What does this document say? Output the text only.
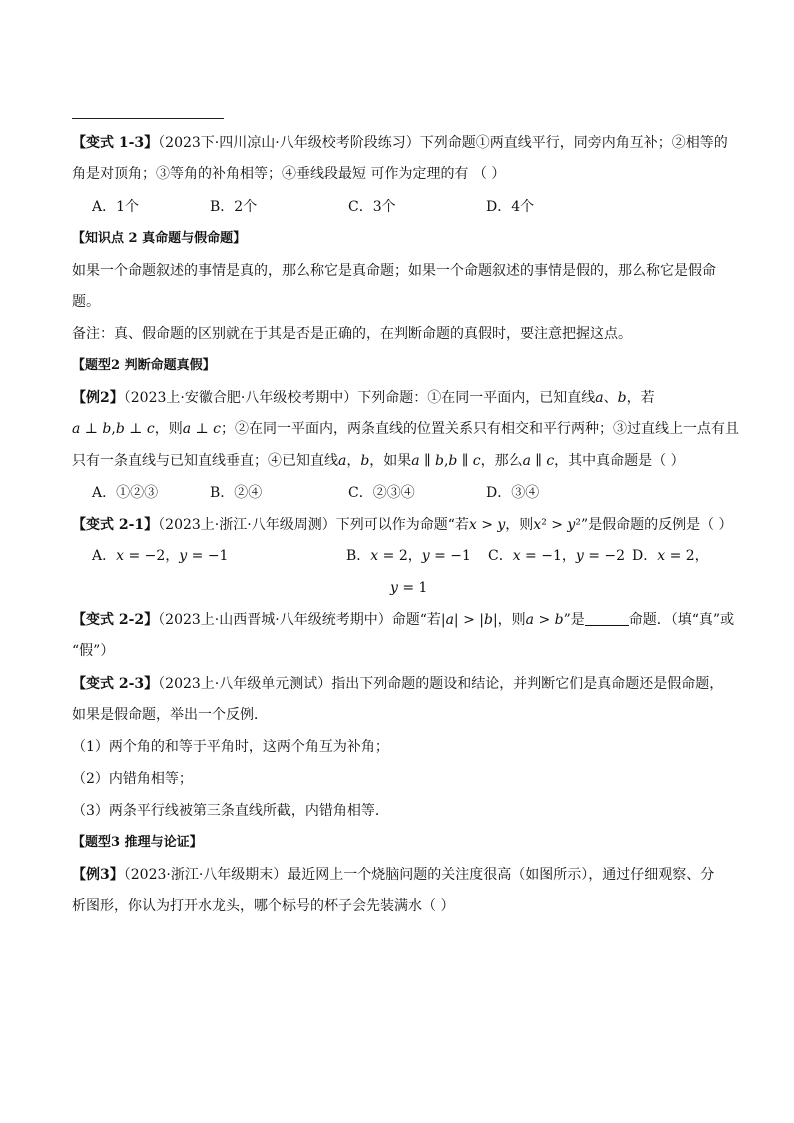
【变式 1-3】（2023下·四川凉山·八年级校考阶段练习）下列命题①两直线平行，同旁内角互补；②相等的
角是对顶角；③等角的补角相等；④垂线段最短 可作为定理的有 （ ）
A．1个	B．2个	C．3个	D．4个
【知识点 2 真命题与假命题】
如果一个命题叙述的事情是真的，那么称它是真命题；如果一个命题叙述的事情是假的，那么称它是假命
题。
备注：真、假命题的区别就在于其是否是正确的，在判断命题的真假时，要注意把握这点。
【题型2 判断命题真假】
【例2】（2023上·安徽合肥·八年级校考期中）下列命题：①在同一平面内，已知直线𝑎、𝑏，若
𝑎 ⊥ 𝑏,𝑏 ⊥ 𝑐，则𝑎 ⊥ 𝑐；②在同一平面内，两条直线的位置关系只有相交和平行两种；③过直线上一点有且
只有一条直线与已知直线垂直；④已知直线𝑎，𝑏，如果𝑎 ∥ 𝑏,𝑏 ∥ 𝑐，那么𝑎 ∥ 𝑐，其中真命题是（ ）
A．①②③	B．②④	C．②③④	D．③④
【变式 2-1】（2023上·浙江·八年级周测）下列可以作为命题“若𝑥 > 𝑦，则𝑥² > 𝑦²”是假命题的反例是（ ）
A．𝑥 = −2，𝑦 = −1	B．𝑥 = 2，𝑦 = −1 C．𝑥 = −1，𝑦 = −2 D．𝑥 = 2，
𝑦 = 1
【变式 2-2】（2023上·山西晋城·八年级统考期中）命题“若|𝑎| > |𝑏|，则𝑎 > 𝑏”是	命题．（填“真”或
“假”）
【变式 2-3】（2023上·八年级单元测试）指出下列命题的题设和结论，并判断它们是真命题还是假命题，
如果是假命题，举出一个反例．
（1）两个角的和等于平角时，这两个角互为补角；
（2）内错角相等；
（3）两条平行线被第三条直线所截，内错角相等．
【题型3 推理与论证】
【例3】（2023·浙江·八年级期末）最近网上一个烧脑问题的关注度很高（如图所示），通过仔细观察、分
析图形，你认为打开水龙头，哪个标号的杯子会先装满水（ ）
